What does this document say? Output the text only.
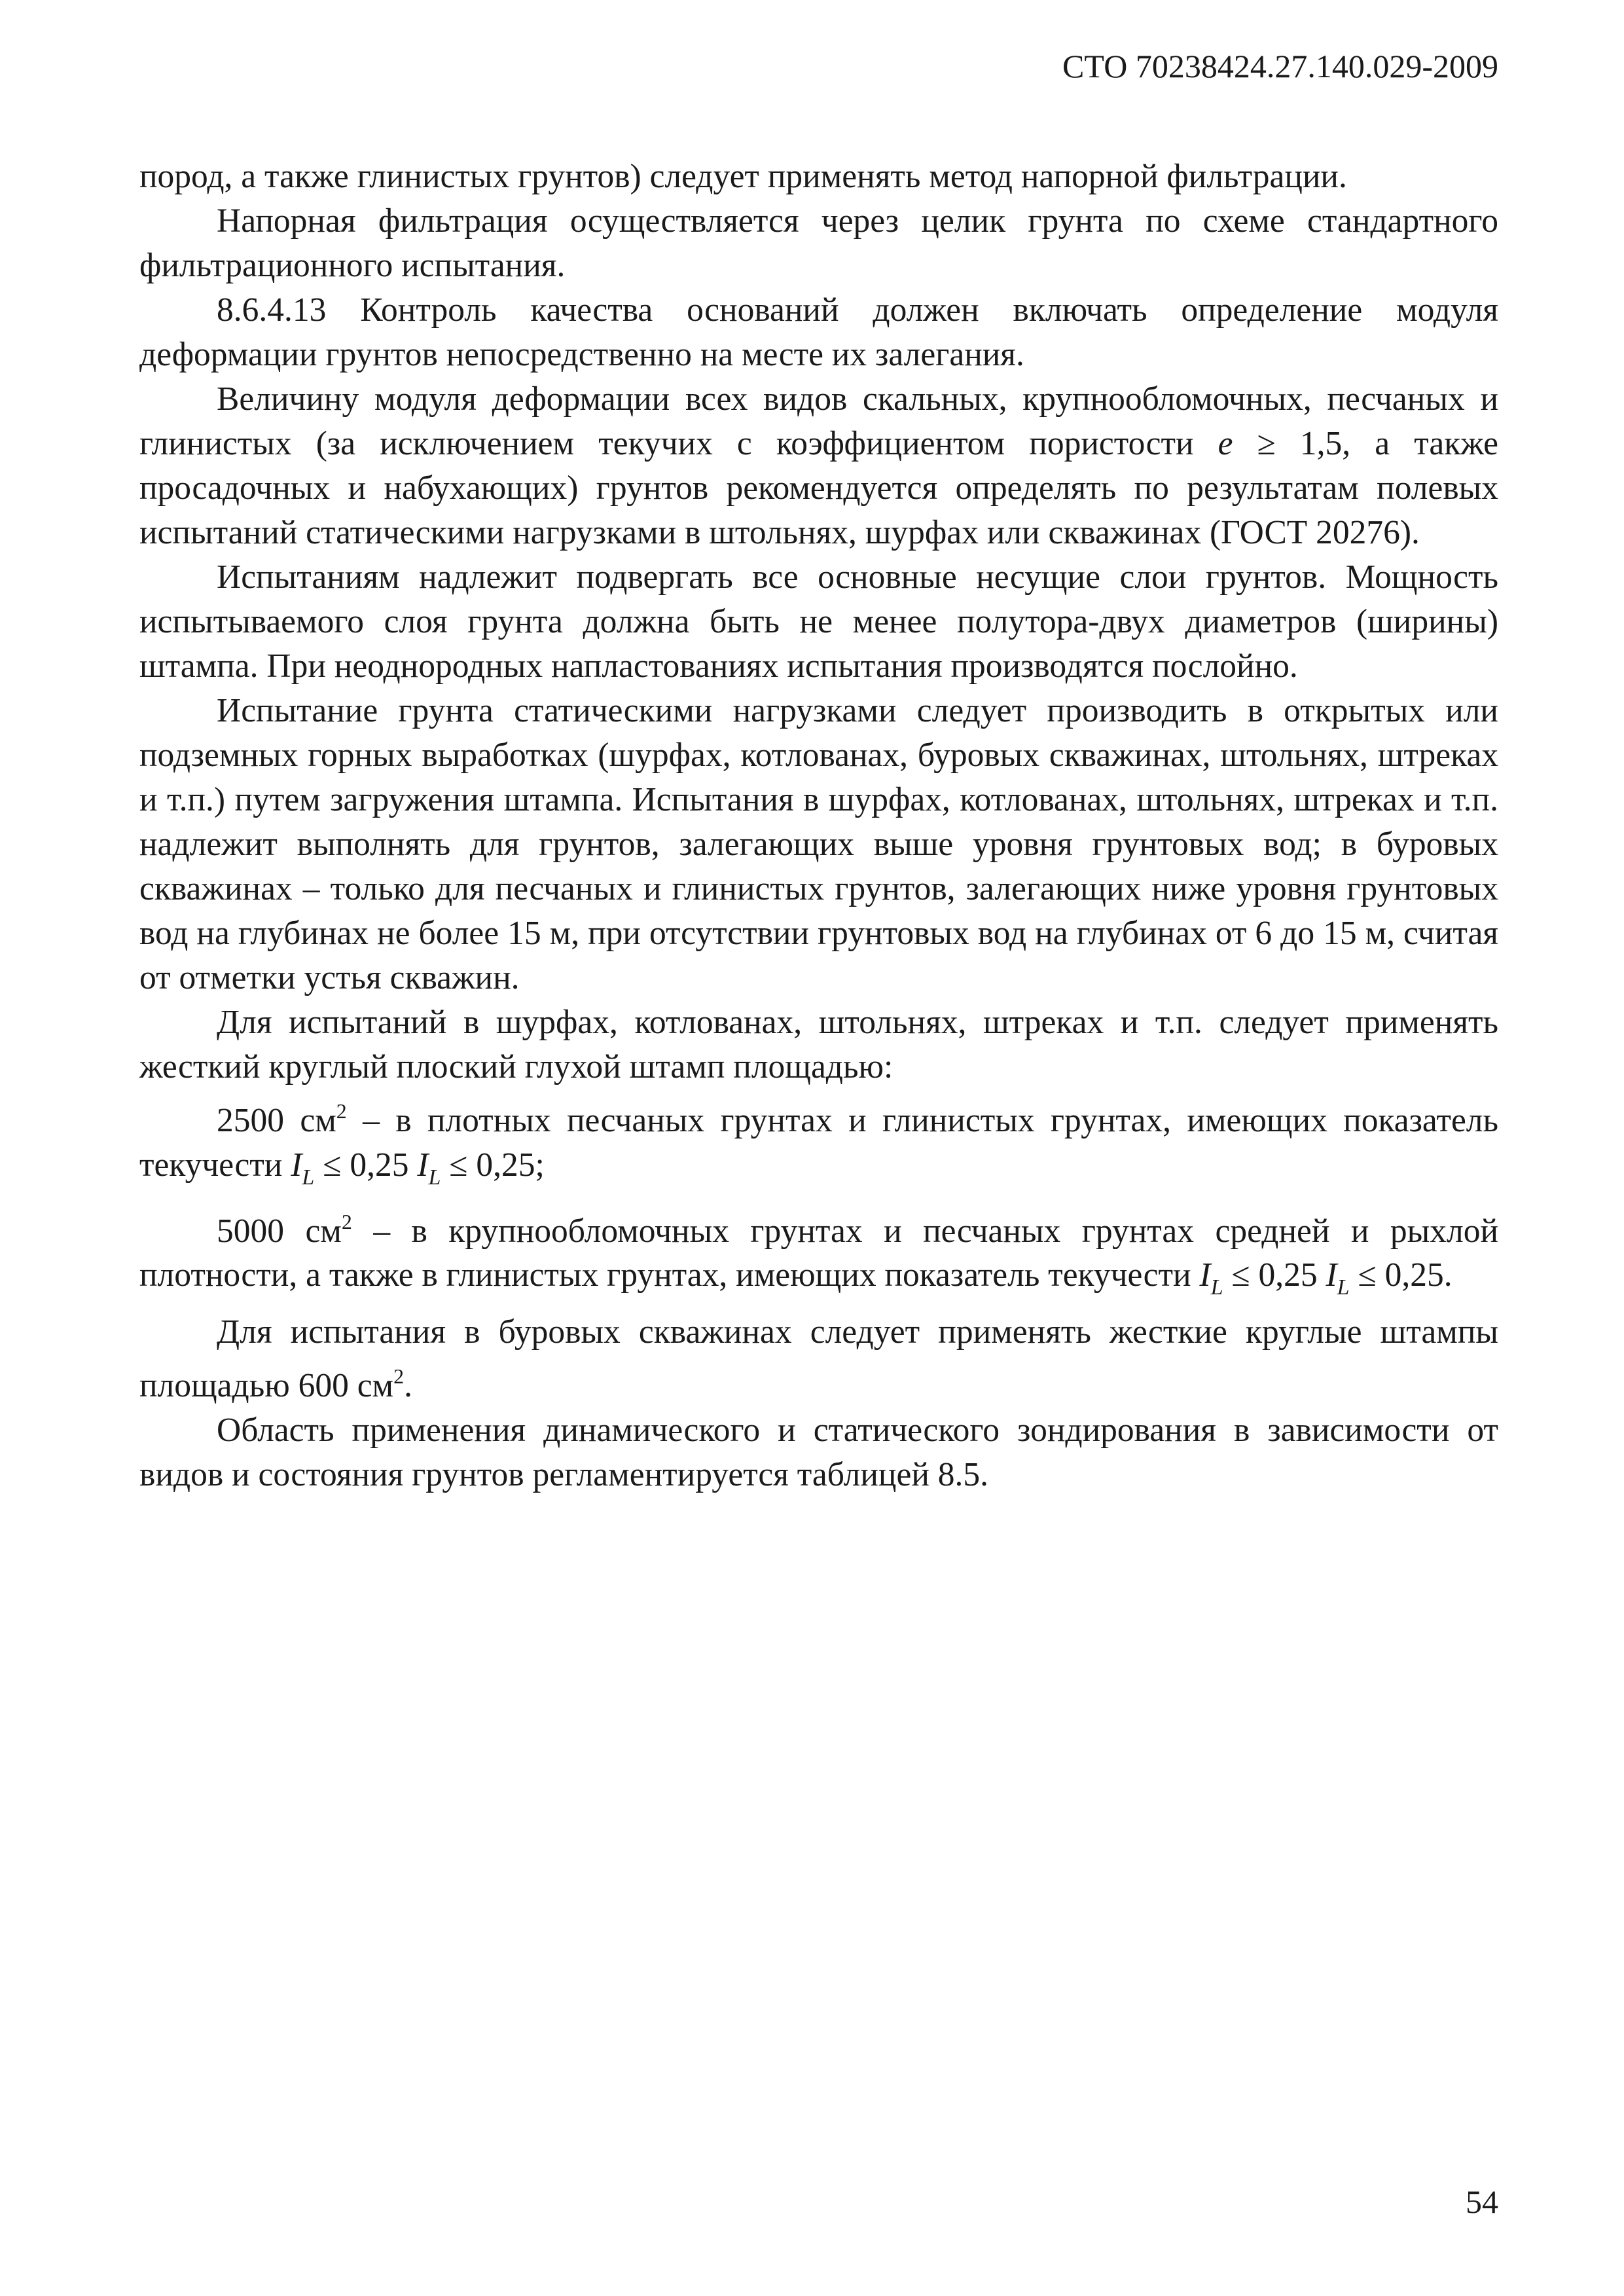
СТО 70238424.27.140.029-2009

пород, а также глинистых грунтов) следует применять метод напорной фильтрации.

Напорная фильтрация осуществляется через целик грунта по схеме стандартного фильтрационного испытания.

8.6.4.13 Контроль качества оснований должен включать определение модуля деформации грунтов непосредственно на месте их залегания.

Величину модуля деформации всех видов скальных, крупнообломочных, песчаных и глинистых (за исключением текучих с коэффициентом пористости e ≥ 1,5, а также просадочных и набухающих) грунтов рекомендуется определять по результатам полевых испытаний статическими нагрузками в штольнях, шурфах или скважинах (ГОСТ 20276).

Испытаниям надлежит подвергать все основные несущие слои грунтов. Мощность испытываемого слоя грунта должна быть не менее полутора-двух диаметров (ширины) штампа. При неоднородных напластованиях испытания производятся послойно.

Испытание грунта статическими нагрузками следует производить в открытых или подземных горных выработках (шурфах, котлованах, буровых скважинах, штольнях, штреках и т.п.) путем загружения штампа. Испытания в шурфах, котлованах, штольнях, штреках и т.п. надлежит выполнять для грунтов, залегающих выше уровня грунтовых вод; в буровых скважинах – только для песчаных и глинистых грунтов, залегающих ниже уровня грунтовых вод на глубинах не более 15 м, при отсутствии грунтовых вод на глубинах от 6 до 15 м, считая от отметки устья скважин.

Для испытаний в шурфах, котлованах, штольнях, штреках и т.п. следует применять жесткий круглый плоский глухой штамп площадью:

2500 $см^2$ – в плотных песчаных грунтах и глинистых грунтах, имеющих показатель текучести $I_L \le 0,25$ $I_L \le 0,25$;

5000 $см^2$ – в крупнообломочных грунтах и песчаных грунтах средней и рыхлой плотности, а также в глинистых грунтах, имеющих показатель текучести $I_L \le 0,25$ $I_L \le 0,25$.

Для испытания в буровых скважинах следует применять жесткие круглые штампы площадью 600 $см^2$.

Область применения динамического и статического зондирования в зависимости от видов и состояния грунтов регламентируется таблицей 8.5.

54
